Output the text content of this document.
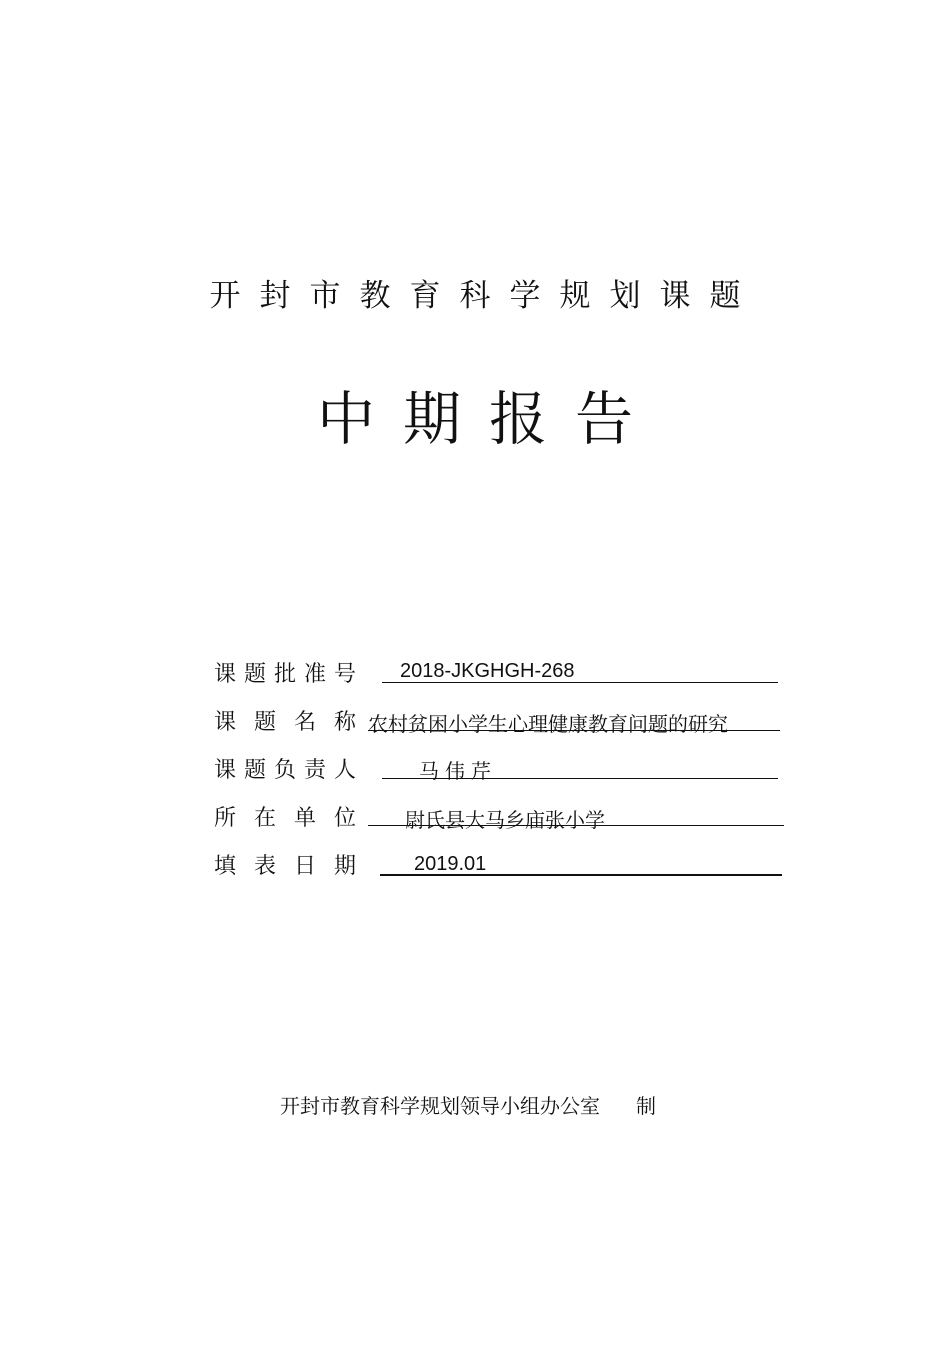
开封市教育科学规划课题
中期报告
课题批准号 2018-JKGHGH-268
课题名称
农村贫困小学生心理健康教育问题的研究
课题负责人	马伟芹
所在单位 尉氏县大马乡庙张小学
填表日期 2019.01
开封市教育科学规划领导小组办公室 制
